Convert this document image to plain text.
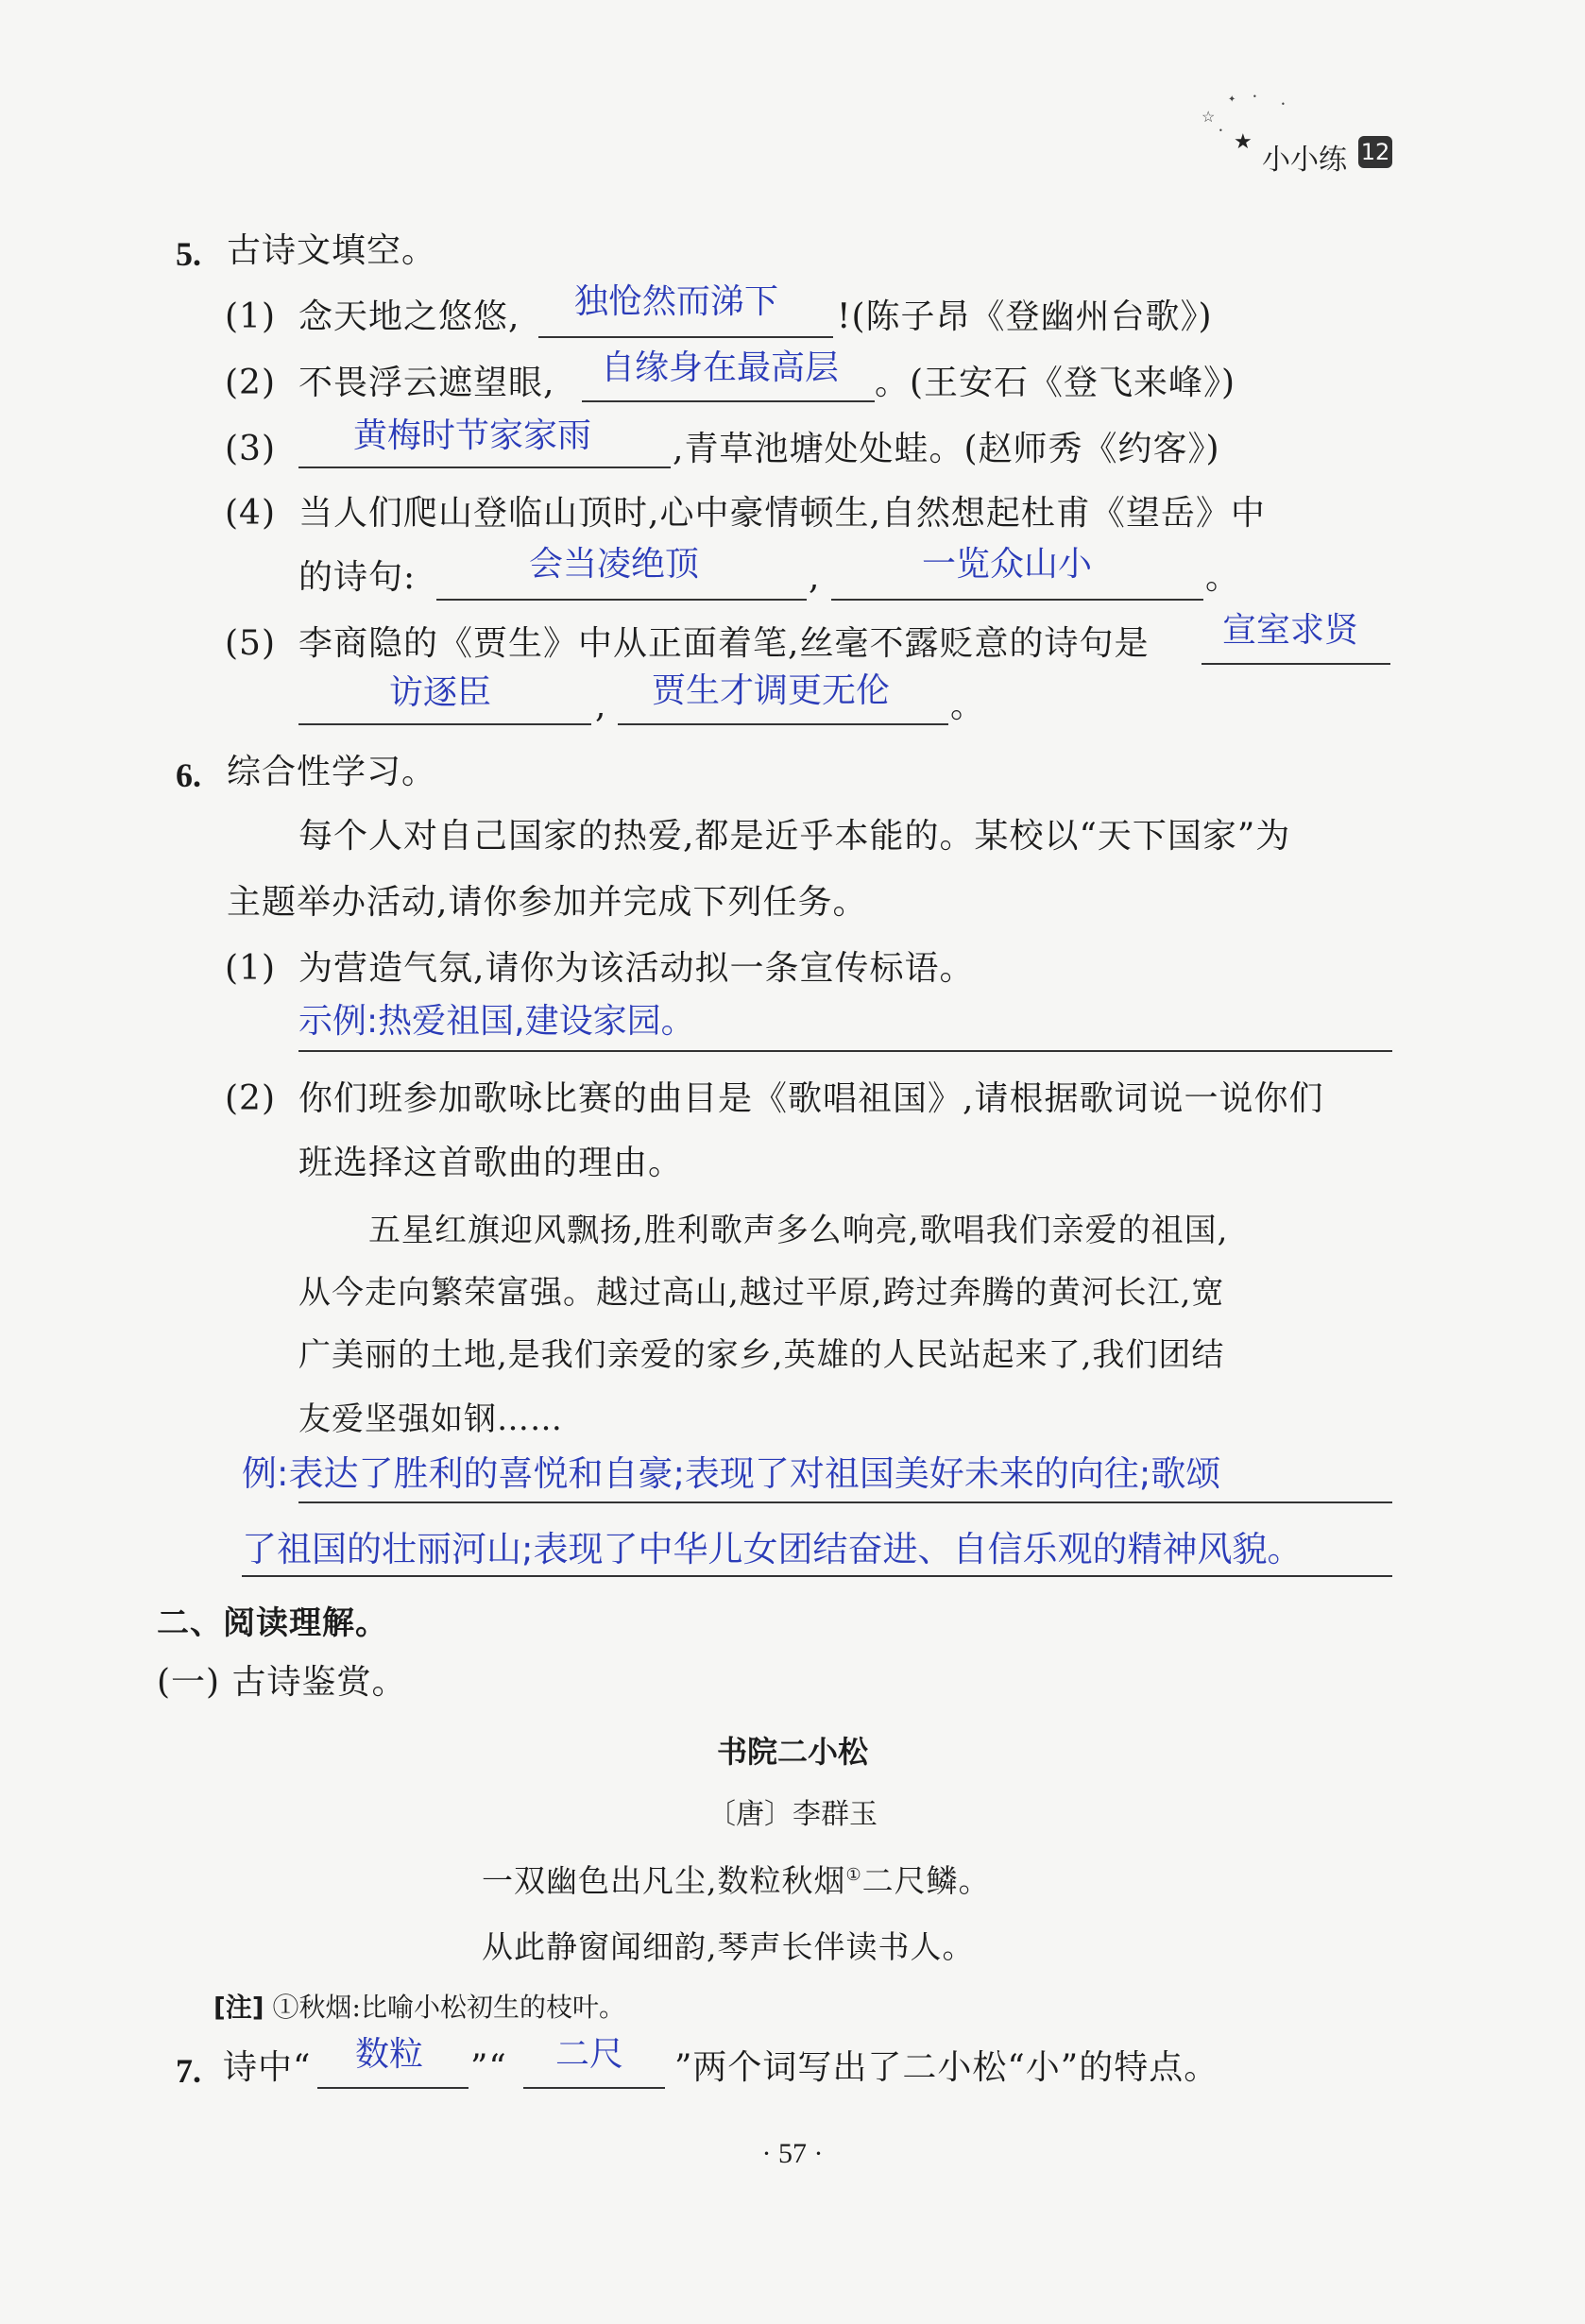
☆
✦ •
•
• ★
小小练 12
5. 古诗文填空。
(1) 念天地之悠悠, 独怆然而涕下 !(陈子昂《登幽州台歌》)
(2) 不畏浮云遮望眼, 自缘身在最高层 。(王安石《登飞来峰》)
(3) 黄梅时节家家雨 ,青草池塘处处蛙。(赵师秀《约客》)
(4) 当人们爬山登临山顶时,心中豪情顿生,自然想起杜甫《望岳》中
的诗句:	会当凌绝顶	,	一览众山小	。
(5) 李商隐的《贾生》中从正面着笔,丝毫不露贬意的诗句是 宣室求贤
访逐臣	, 贾生才调更无伦 。
6. 综合性学习。
每个人对自己国家的热爱,都是近乎本能的。某校以“天下国家”为
主题举办活动,请你参加并完成下列任务。
(1) 为营造气氛,请你为该活动拟一条宣传标语。
示例:热爱祖国,建设家园。
(2) 你们班参加歌咏比赛的曲目是《歌唱祖国》,请根据歌词说一说你们
班选择这首歌曲的理由。
五星红旗迎风飘扬,胜利歌声多么响亮,歌唱我们亲爱的祖国,
从今走向繁荣富强。越过高山,越过平原,跨过奔腾的黄河长江,宽
广美丽的土地,是我们亲爱的家乡,英雄的人民站起来了,我们团结
友爱坚强如钢……
例:表达了胜利的喜悦和自豪;表现了对祖国美好未来的向往;歌颂
了祖国的壮丽河山;表现了中华儿女团结奋进、自信乐观的精神风貌。
二、阅读理解。
(一) 古诗鉴赏。
书院二小松
〔唐〕李群玉
一双幽色出凡尘,数粒秋烟①二尺鳞。
从此静窗闻细韵,琴声长伴读书人。
[注] ①秋烟:比喻小松初生的枝叶。
7. 诗中“ 数粒 ”“ 二尺 ”两个词写出了二小松“小”的特点。
· 57 ·
